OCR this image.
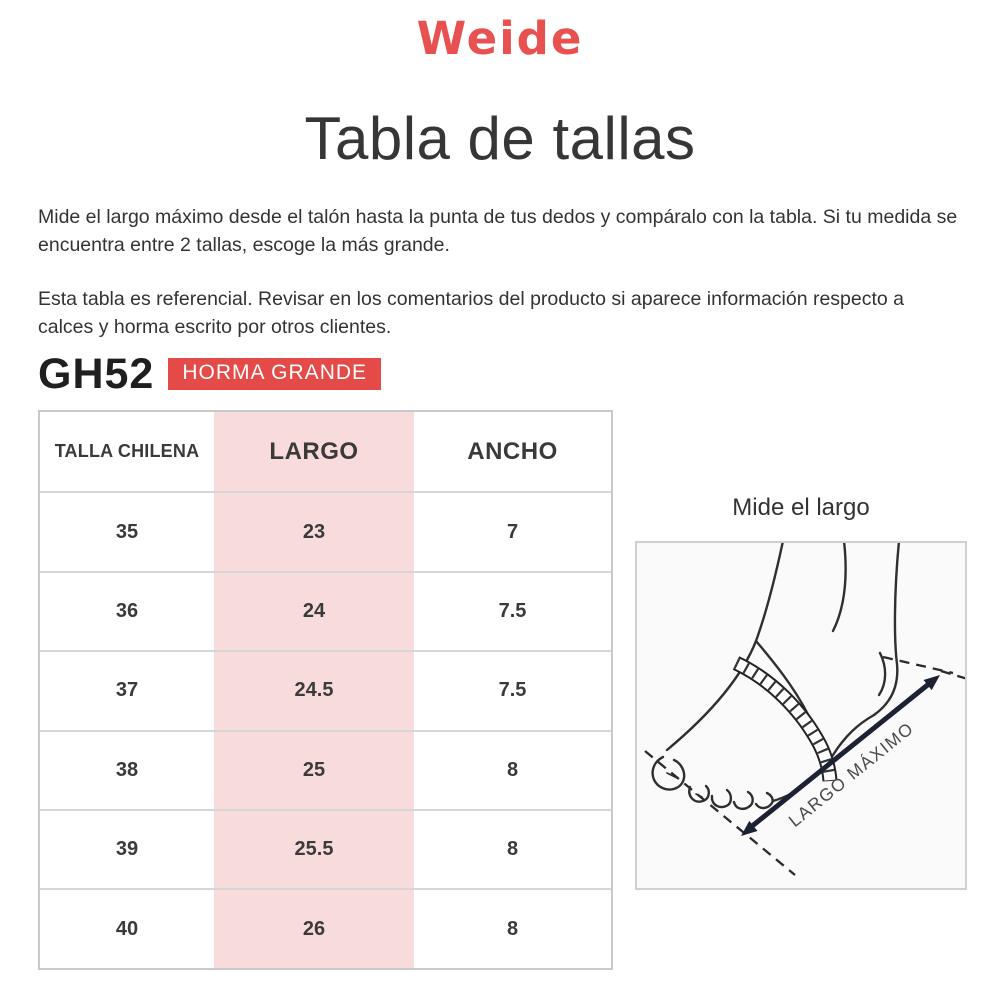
Weide
Tabla de tallas

Mide el largo máximo desde el talón hasta la punta de tus dedos y compáralo con la tabla. Si tu medida se encuentra entre 2 tallas, escoge la más grande.

Esta tabla es referencial. Revisar en los comentarios del producto si aparece información respecto a calces y horma escrito por otros clientes.

GH52	HORMA GRANDE
TALLA CHILENA	LARGO	ANCHO
35	23	7
36	24	7.5
37	24.5	7.5
38	25	8
39	25.5	8
40	26	8
Mide el largo
LARGO MÁXIMO
